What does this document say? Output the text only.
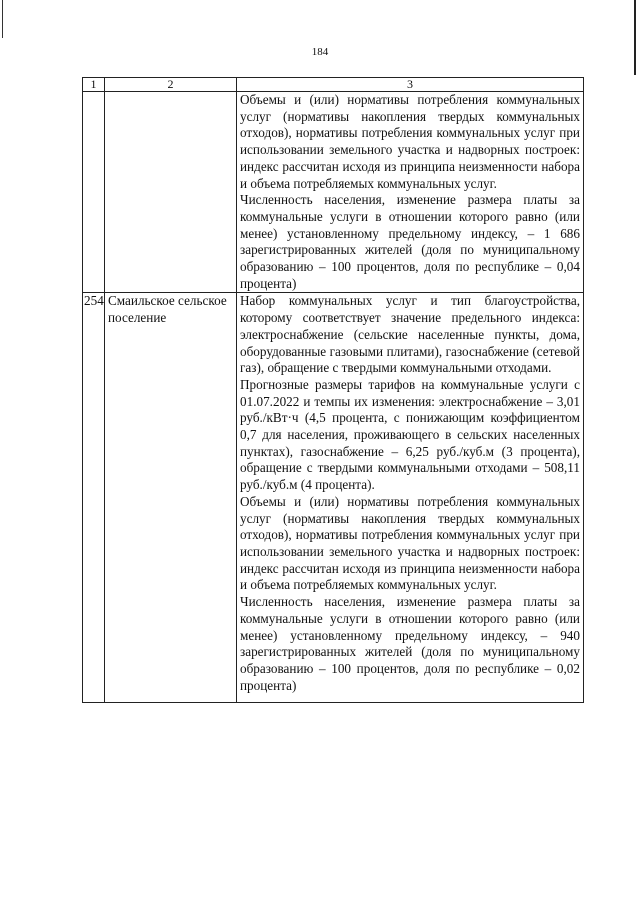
184
1	2	3

		Объемы и (или) нормативы потребления коммунальных услуг (нормативы накопления твердых коммунальных отходов), нормативы потребления коммунальных услуг при использовании земельного участка и надворных построек: индекс рассчитан исходя из принципа неизменности набора и объема потребляемых коммунальных услуг.
Численность населения, изменение размера платы за коммунальные услуги в отношении которого равно (или менее) установленному предельному индексу, – 1 686 зарегистрированных жителей (доля по муниципальному образованию – 100 процентов, доля по республике – 0,04 процента)

254	Смаильское сельское поселение	Набор коммунальных услуг и тип благоустройства, которому соответствует значение предельного индекса: электроснабжение (сельские населенные пункты, дома, оборудованные газовыми плитами), газоснабжение (сетевой газ), обращение с твердыми коммунальными отходами.
Прогнозные размеры тарифов на коммунальные услуги с 01.07.2022 и темпы их изменения: электроснабжение – 3,01 руб./кВт·ч (4,5 процента, с понижающим коэффициентом 0,7 для населения, проживающего в сельских населенных пунктах), газоснабжение – 6,25 руб./куб.м (3 процента), обращение с твердыми коммунальными отходами – 508,11 руб./куб.м (4 процента).
Объемы и (или) нормативы потребления коммунальных услуг (нормативы накопления твердых коммунальных отходов), нормативы потребления коммунальных услуг при использовании земельного участка и надворных построек: индекс рассчитан исходя из принципа неизменности набора и объема потребляемых коммунальных услуг.
Численность населения, изменение размера платы за коммунальные услуги в отношении которого равно (или менее) установленному предельному индексу, – 940 зарегистрированных жителей (доля по муниципальному образованию – 100 процентов, доля по республике – 0,02 процента)
